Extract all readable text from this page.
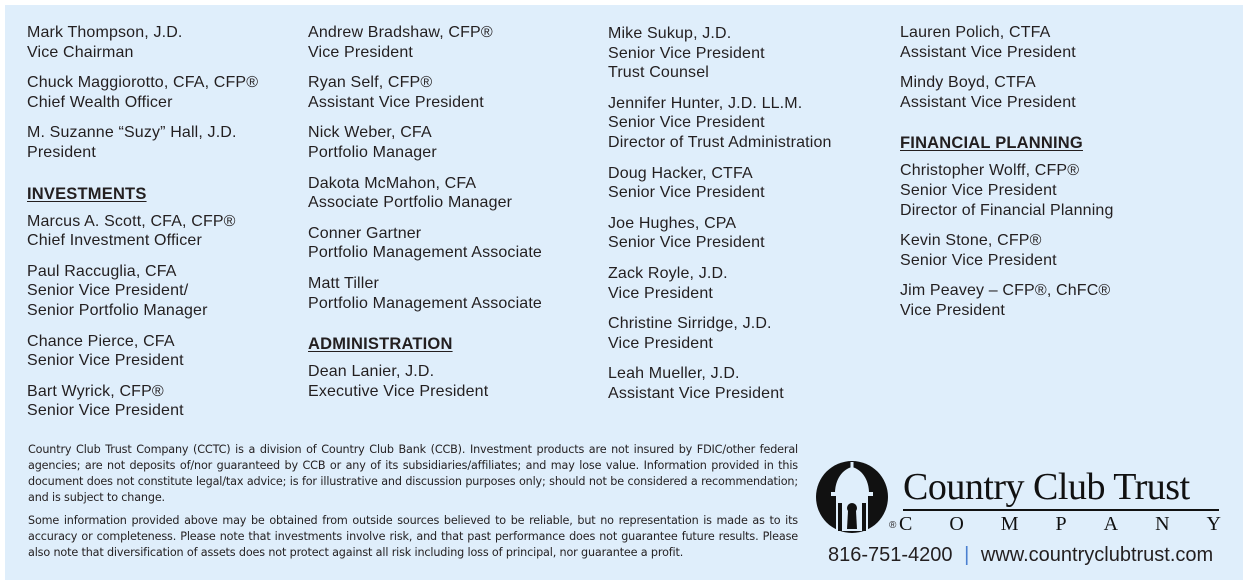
Mark Thompson, J.D.
Vice Chairman
Chuck Maggiorotto, CFA, CFP®
Chief Wealth Officer
M. Suzanne “Suzy” Hall, J.D.
President
INVESTMENTS
Marcus A. Scott, CFA, CFP®
Chief Investment Officer
Paul Raccuglia, CFA
Senior Vice President/
Senior Portfolio Manager
Chance Pierce, CFA
Senior Vice President
Bart Wyrick, CFP®
Senior Vice President
Andrew Bradshaw, CFP®
Vice President
Ryan Self, CFP®
Assistant Vice President
Nick Weber, CFA
Portfolio Manager
Dakota McMahon, CFA
Associate Portfolio Manager
Conner Gartner
Portfolio Management Associate
Matt Tiller
Portfolio Management Associate
ADMINISTRATION
Dean Lanier, J.D.
Executive Vice President
Mike Sukup, J.D.
Senior Vice President
Trust Counsel
Jennifer Hunter, J.D. LL.M.
Senior Vice President
Director of Trust Administration
Doug Hacker, CTFA
Senior Vice President
Joe Hughes, CPA
Senior Vice President
Zack Royle, J.D.
Vice President
Christine Sirridge, J.D.
Vice President
Leah Mueller, J.D.
Assistant Vice President
Lauren Polich, CTFA
Assistant Vice President
Mindy Boyd, CTFA
Assistant Vice President
FINANCIAL PLANNING
Christopher Wolff, CFP®
Senior Vice President
Director of Financial Planning
Kevin Stone, CFP®
Senior Vice President
Jim Peavey – CFP®, ChFC®
Vice President

Country Club Trust Company (CCTC) is a division of Country Club Bank (CCB). Investment products are not insured by FDIC/other federal agencies; are not deposits of/nor guaranteed by CCB or any of its subsidiaries/affiliates; and may lose value. Information provided in this document does not constitute legal/tax advice; is for illustrative and discussion purposes only; should not be considered a recommendation; and is subject to change.

Some information provided above may be obtained from outside sources believed to be reliable, but no representation is made as to its accuracy or completeness. Please note that investments involve risk, and that past performance does not guarantee future results. Please also note that diversification of assets does not protect against all risk including loss of principal, nor guarantee a profit.

®
Country Club Trust
C O M P A N Y
816-751-4200 | www.countryclubtrust.com
